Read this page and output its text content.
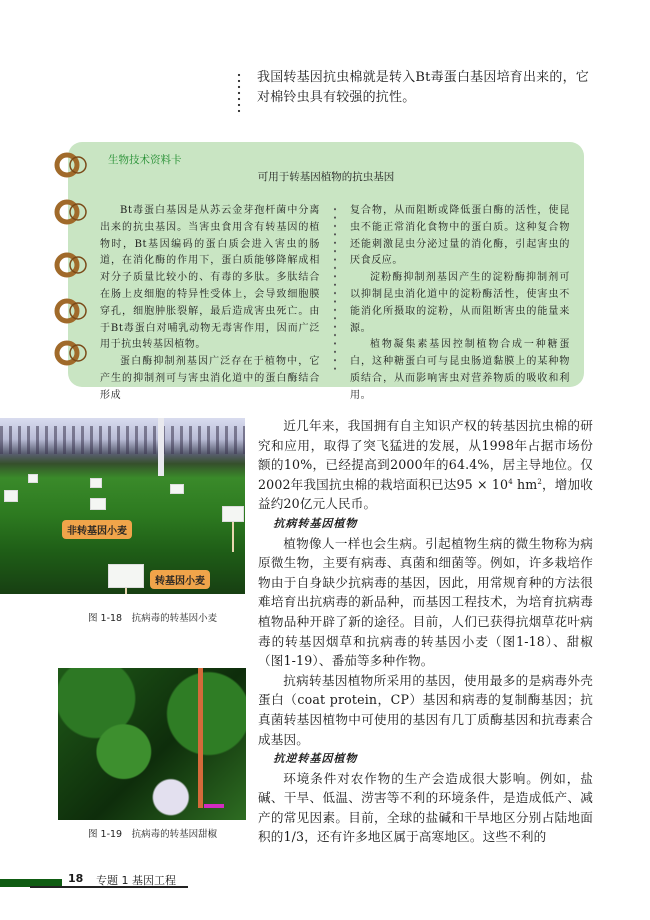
我国转基因抗虫棉就是转入Bt毒蛋白基因培育出来的，它对棉铃虫具有较强的抗性。

生物技术资料卡
可用于转基因植物的抗虫基因

Bt毒蛋白基因是从苏云金芽孢杆菌中分离出来的抗虫基因。当害虫食用含有转基因的植物时，Bt基因编码的蛋白质会进入害虫的肠道，在消化酶的作用下，蛋白质能够降解成相对分子质量比较小的、有毒的多肽。多肽结合在肠上皮细胞的特异性受体上，会导致细胞膜穿孔，细胞肿胀裂解，最后造成害虫死亡。由于Bt毒蛋白对哺乳动物无毒害作用，因而广泛用于抗虫转基因植物。

蛋白酶抑制剂基因广泛存在于植物中，它产生的抑制剂可与害虫消化道中的蛋白酶结合形成

复合物，从而阻断或降低蛋白酶的活性，使昆虫不能正常消化食物中的蛋白质。这种复合物还能刺激昆虫分泌过量的消化酶，引起害虫的厌食反应。

淀粉酶抑制剂基因产生的淀粉酶抑制剂可以抑制昆虫消化道中的淀粉酶活性，使害虫不能消化所摄取的淀粉，从而阻断害虫的能量来源。

植物凝集素基因控制植物合成一种糖蛋白，这种糖蛋白可与昆虫肠道黏膜上的某种物质结合，从而影响害虫对营养物质的吸收和利用。

非转基因小麦
转基因小麦
图 1-18　抗病毒的转基因小麦
图 1-19　抗病毒的转基因甜椒

近几年来，我国拥有自主知识产权的转基因抗虫棉的研究和应用，取得了突飞猛进的发展，从1998年占据市场份额的10%，已经提高到2000年的64.4%，居主导地位。仅2002年我国抗虫棉的栽培面积已达$95 \times 10^4$ $hm^2$，增加收益约20亿元人民币。

抗病转基因植物

植物像人一样也会生病。引起植物生病的微生物称为病原微生物，主要有病毒、真菌和细菌等。例如，许多栽培作物由于自身缺少抗病毒的基因，因此，用常规育种的方法很难培育出抗病毒的新品种，而基因工程技术，为培育抗病毒植物品种开辟了新的途径。目前，人们已获得抗烟草花叶病毒的转基因烟草和抗病毒的转基因小麦（图1-18）、甜椒（图1-19）、番茄等多种作物。

抗病转基因植物所采用的基因，使用最多的是病毒外壳蛋白（coat protein，CP）基因和病毒的复制酶基因；抗真菌转基因植物中可使用的基因有几丁质酶基因和抗毒素合成基因。

抗逆转基因植物

环境条件对农作物的生产会造成很大影响。例如，盐碱、干旱、低温、涝害等不利的环境条件，是造成低产、减产的常见因素。目前，全球的盐碱和干旱地区分别占陆地面积的1/3，还有许多地区属于高寒地区。这些不利的

18 专题 1 基因工程
